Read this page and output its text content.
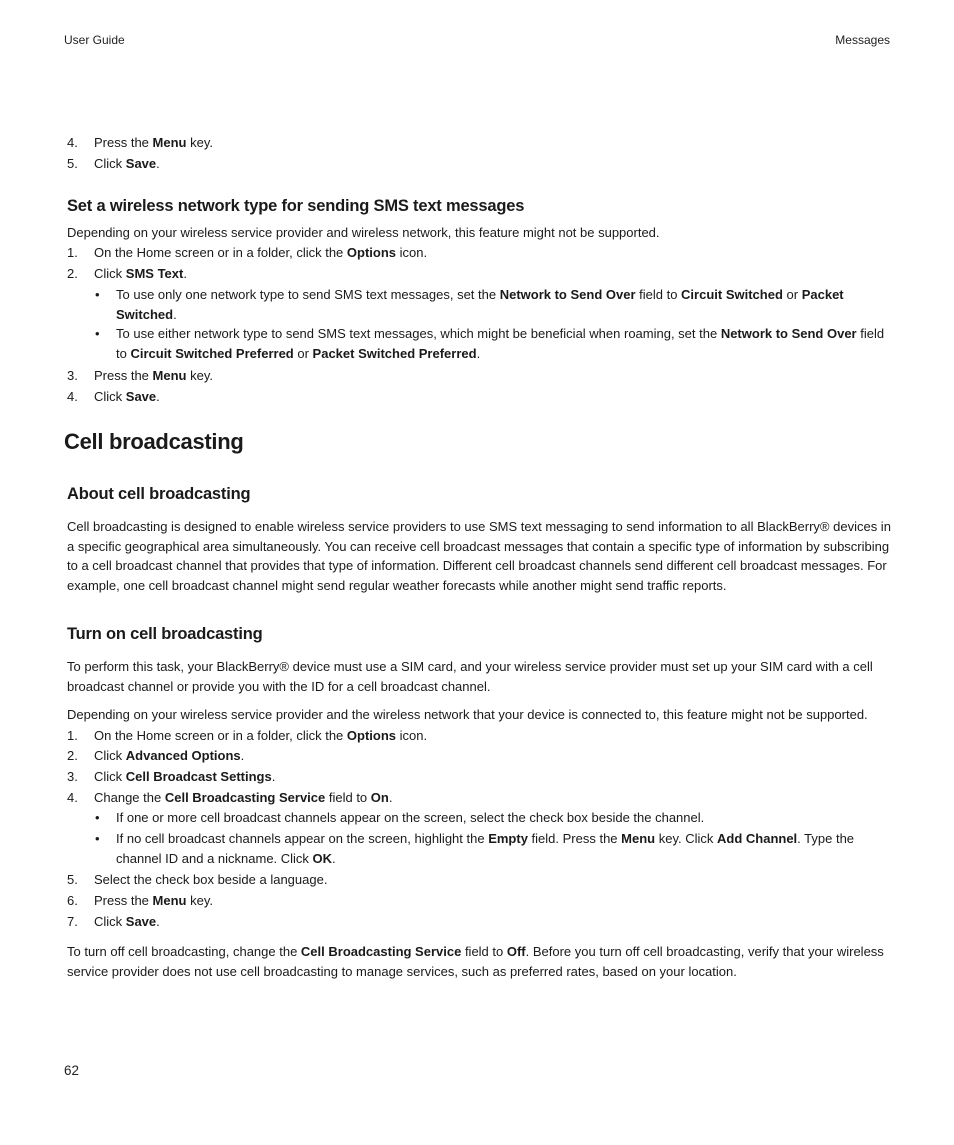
User Guide	Messages
4.	Press the Menu key.
5.	Click Save.
Set a wireless network type for sending SMS text messages
Depending on your wireless service provider and wireless network, this feature might not be supported.
1.	On the Home screen or in a folder, click the Options icon.
2.	Click SMS Text.
• To use only one network type to send SMS text messages, set the Network to Send Over field to Circuit Switched or Packet Switched.
• To use either network type to send SMS text messages, which might be beneficial when roaming, set the Network to Send Over field to Circuit Switched Preferred or Packet Switched Preferred.
3.	Press the Menu key.
4.	Click Save.
Cell broadcasting
About cell broadcasting
Cell broadcasting is designed to enable wireless service providers to use SMS text messaging to send information to all BlackBerry® devices in a specific geographical area simultaneously. You can receive cell broadcast messages that contain a specific type of information by subscribing to a cell broadcast channel that provides that type of information. Different cell broadcast channels send different cell broadcast messages. For example, one cell broadcast channel might send regular weather forecasts while another might send traffic reports.
Turn on cell broadcasting
To perform this task, your BlackBerry® device must use a SIM card, and your wireless service provider must set up your SIM card with a cell broadcast channel or provide you with the ID for a cell broadcast channel.
Depending on your wireless service provider and the wireless network that your device is connected to, this feature might not be supported.
1.	On the Home screen or in a folder, click the Options icon.
2.	Click Advanced Options.
3.	Click Cell Broadcast Settings.
4.	Change the Cell Broadcasting Service field to On.
• If one or more cell broadcast channels appear on the screen, select the check box beside the channel.
• If no cell broadcast channels appear on the screen, highlight the Empty field. Press the Menu key. Click Add Channel. Type the channel ID and a nickname. Click OK.
5.	Select the check box beside a language.
6.	Press the Menu key.
7.	Click Save.
To turn off cell broadcasting, change the Cell Broadcasting Service field to Off. Before you turn off cell broadcasting, verify that your wireless service provider does not use cell broadcasting to manage services, such as preferred rates, based on your location.
62
